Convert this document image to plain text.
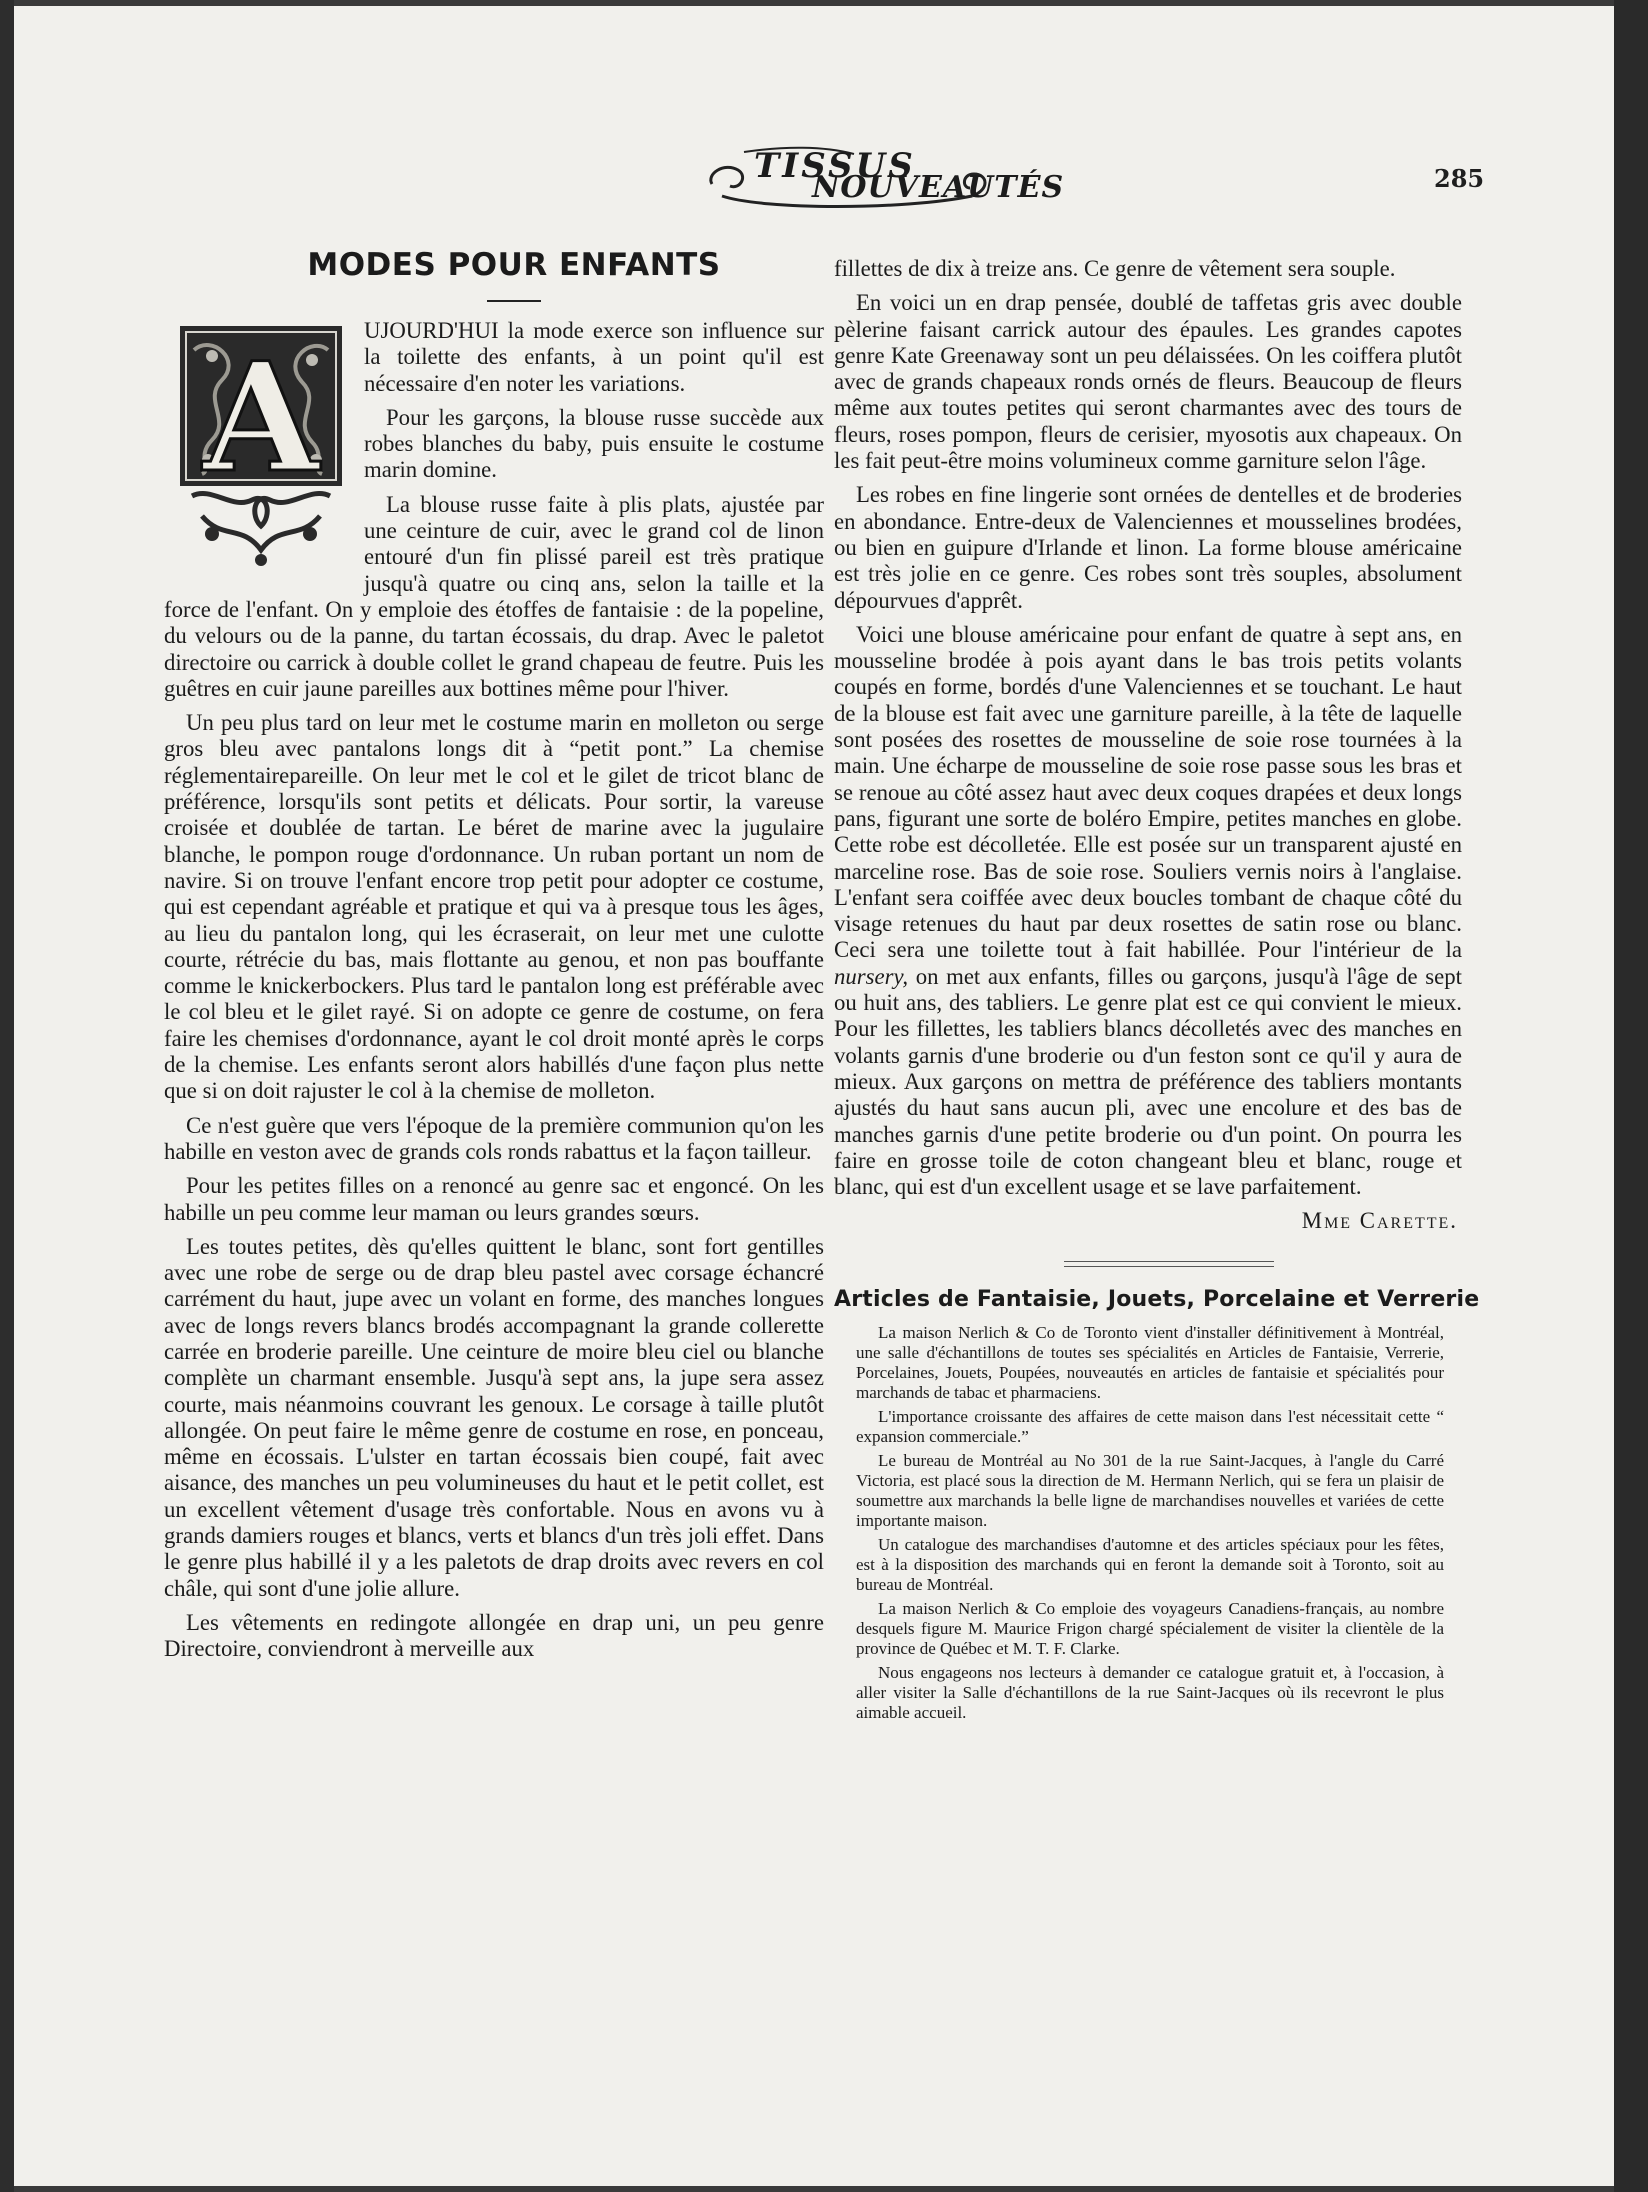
TISSUS
NOUVEAUTÉS	285
MODES POUR ENFANTS
A	UJOURD'HUI la mode exerce son influence sur la toilette des enfants, à un point qu'il est nécessaire d'en noter les variations.

Pour les garçons, la blouse russe succède aux robes blanches du baby, puis ensuite le costume marin domine.

La blouse russe faite à plis plats, ajustée par une ceinture de cuir, avec le grand col de linon entouré d'un fin plissé pareil est très pratique jusqu'à quatre ou cinq ans, selon la taille et la force de l'enfant. On y emploie des étoffes de fantaisie : de la popeline, du velours ou de la panne, du tartan écossais, du drap. Avec le paletot directoire ou carrick à double collet le grand chapeau de feutre. Puis les guêtres en cuir jaune pareilles aux bottines même pour l'hiver.

Un peu plus tard on leur met le costume marin en molleton ou serge gros bleu avec pantalons longs dit à “petit pont.” La chemise réglementairepareille. On leur met le col et le gilet de tricot blanc de préférence, lorsqu'ils sont petits et délicats. Pour sortir, la vareuse croisée et doublée de tartan. Le béret de marine avec la jugulaire blanche, le pompon rouge d'ordonnance. Un ruban portant un nom de navire. Si on trouve l'enfant encore trop petit pour adopter ce costume, qui est cependant agréable et pratique et qui va à presque tous les âges, au lieu du pantalon long, qui les écraserait, on leur met une culotte courte, rétrécie du bas, mais flottante au genou, et non pas bouffante comme le knickerbockers. Plus tard le pantalon long est préférable avec le col bleu et le gilet rayé. Si on adopte ce genre de costume, on fera faire les chemises d'ordonnance, ayant le col droit monté après le corps de la chemise. Les enfants seront alors habillés d'une façon plus nette que si on doit rajuster le col à la chemise de molleton.

Ce n'est guère que vers l'époque de la première communion qu'on les habille en veston avec de grands cols ronds rabattus et la façon tailleur.

Pour les petites filles on a renoncé au genre sac et engoncé. On les habille un peu comme leur maman ou leurs grandes sœurs.

Les toutes petites, dès qu'elles quittent le blanc, sont fort gentilles avec une robe de serge ou de drap bleu pastel avec corsage échancré carrément du haut, jupe avec un volant en forme, des manches longues avec de longs revers blancs brodés accompagnant la grande collerette carrée en broderie pareille. Une ceinture de moire bleu ciel ou blanche complète un charmant ensemble. Jusqu'à sept ans, la jupe sera assez courte, mais néanmoins couvrant les genoux. Le corsage à taille plutôt allongée. On peut faire le même genre de costume en rose, en ponceau, même en écossais. L'ulster en tartan écossais bien coupé, fait avec aisance, des manches un peu volumineuses du haut et le petit collet, est un excellent vêtement d'usage très confortable. Nous en avons vu à grands damiers rouges et blancs, verts et blancs d'un très joli effet. Dans le genre plus habillé il y a les paletots de drap droits avec revers en col châle, qui sont d'une jolie allure.

Les vêtements en redingote allongée en drap uni, un peu genre Directoire, conviendront à merveille aux

fillettes de dix à treize ans. Ce genre de vêtement sera souple.

En voici un en drap pensée, doublé de taffetas gris avec double pèlerine faisant carrick autour des épaules. Les grandes capotes genre Kate Greenaway sont un peu délaissées. On les coiffera plutôt avec de grands chapeaux ronds ornés de fleurs. Beaucoup de fleurs même aux toutes petites qui seront charmantes avec des tours de fleurs, roses pompon, fleurs de cerisier, myosotis aux chapeaux. On les fait peut-être moins volumineux comme garniture selon l'âge.

Les robes en fine lingerie sont ornées de dentelles et de broderies en abondance. Entre-deux de Valenciennes et mousselines brodées, ou bien en guipure d'Irlande et linon. La forme blouse américaine est très jolie en ce genre. Ces robes sont très souples, absolument dépourvues d'apprêt.

Voici une blouse américaine pour enfant de quatre à sept ans, en mousseline brodée à pois ayant dans le bas trois petits volants coupés en forme, bordés d'une Valenciennes et se touchant. Le haut de la blouse est fait avec une garniture pareille, à la tête de laquelle sont posées des rosettes de mousseline de soie rose tournées à la main. Une écharpe de mousseline de soie rose passe sous les bras et se renoue au côté assez haut avec deux coques drapées et deux longs pans, figurant une sorte de boléro Empire, petites manches en globe. Cette robe est décolletée. Elle est posée sur un transparent ajusté en marceline rose. Bas de soie rose. Souliers vernis noirs à l'anglaise. L'enfant sera coiffée avec deux boucles tombant de chaque côté du visage retenues du haut par deux rosettes de satin rose ou blanc. Ceci sera une toilette tout à fait habillée. Pour l'intérieur de la nursery, on met aux enfants, filles ou garçons, jusqu'à l'âge de sept ou huit ans, des tabliers. Le genre plat est ce qui convient le mieux. Pour les fillettes, les tabliers blancs décolletés avec des manches en volants garnis d'une broderie ou d'un feston sont ce qu'il y aura de mieux. Aux garçons on mettra de préférence des tabliers montants ajustés du haut sans aucun pli, avec une encolure et des bas de manches garnis d'une petite broderie ou d'un point. On pourra les faire en grosse toile de coton changeant bleu et blanc, rouge et blanc, qui est d'un excellent usage et se lave parfaitement.

Mme Carette.
Articles de Fantaisie, Jouets, Porcelaine et Verrerie

La maison Nerlich & Co de Toronto vient d'installer définitivement à Montréal, une salle d'échantillons de toutes ses spécialités en Articles de Fantaisie, Verrerie, Porcelaines, Jouets, Poupées, nouveautés en articles de fantaisie et spécialités pour marchands de tabac et pharmaciens.

L'importance croissante des affaires de cette maison dans l'est nécessitait cette “ expansion commerciale.”

Le bureau de Montréal au No 301 de la rue Saint-Jacques, à l'angle du Carré Victoria, est placé sous la direction de M. Hermann Nerlich, qui se fera un plaisir de soumettre aux marchands la belle ligne de marchandises nouvelles et variées de cette importante maison.

Un catalogue des marchandises d'automne et des articles spéciaux pour les fêtes, est à la disposition des marchands qui en feront la demande soit à Toronto, soit au bureau de Montréal.

La maison Nerlich & Co emploie des voyageurs Canadiens-français, au nombre desquels figure M. Maurice Frigon chargé spécialement de visiter la clientèle de la province de Québec et M. T. F. Clarke.

Nous engageons nos lecteurs à demander ce catalogue gratuit et, à l'occasion, à aller visiter la Salle d'échantillons de la rue Saint-Jacques où ils recevront le plus aimable accueil.
